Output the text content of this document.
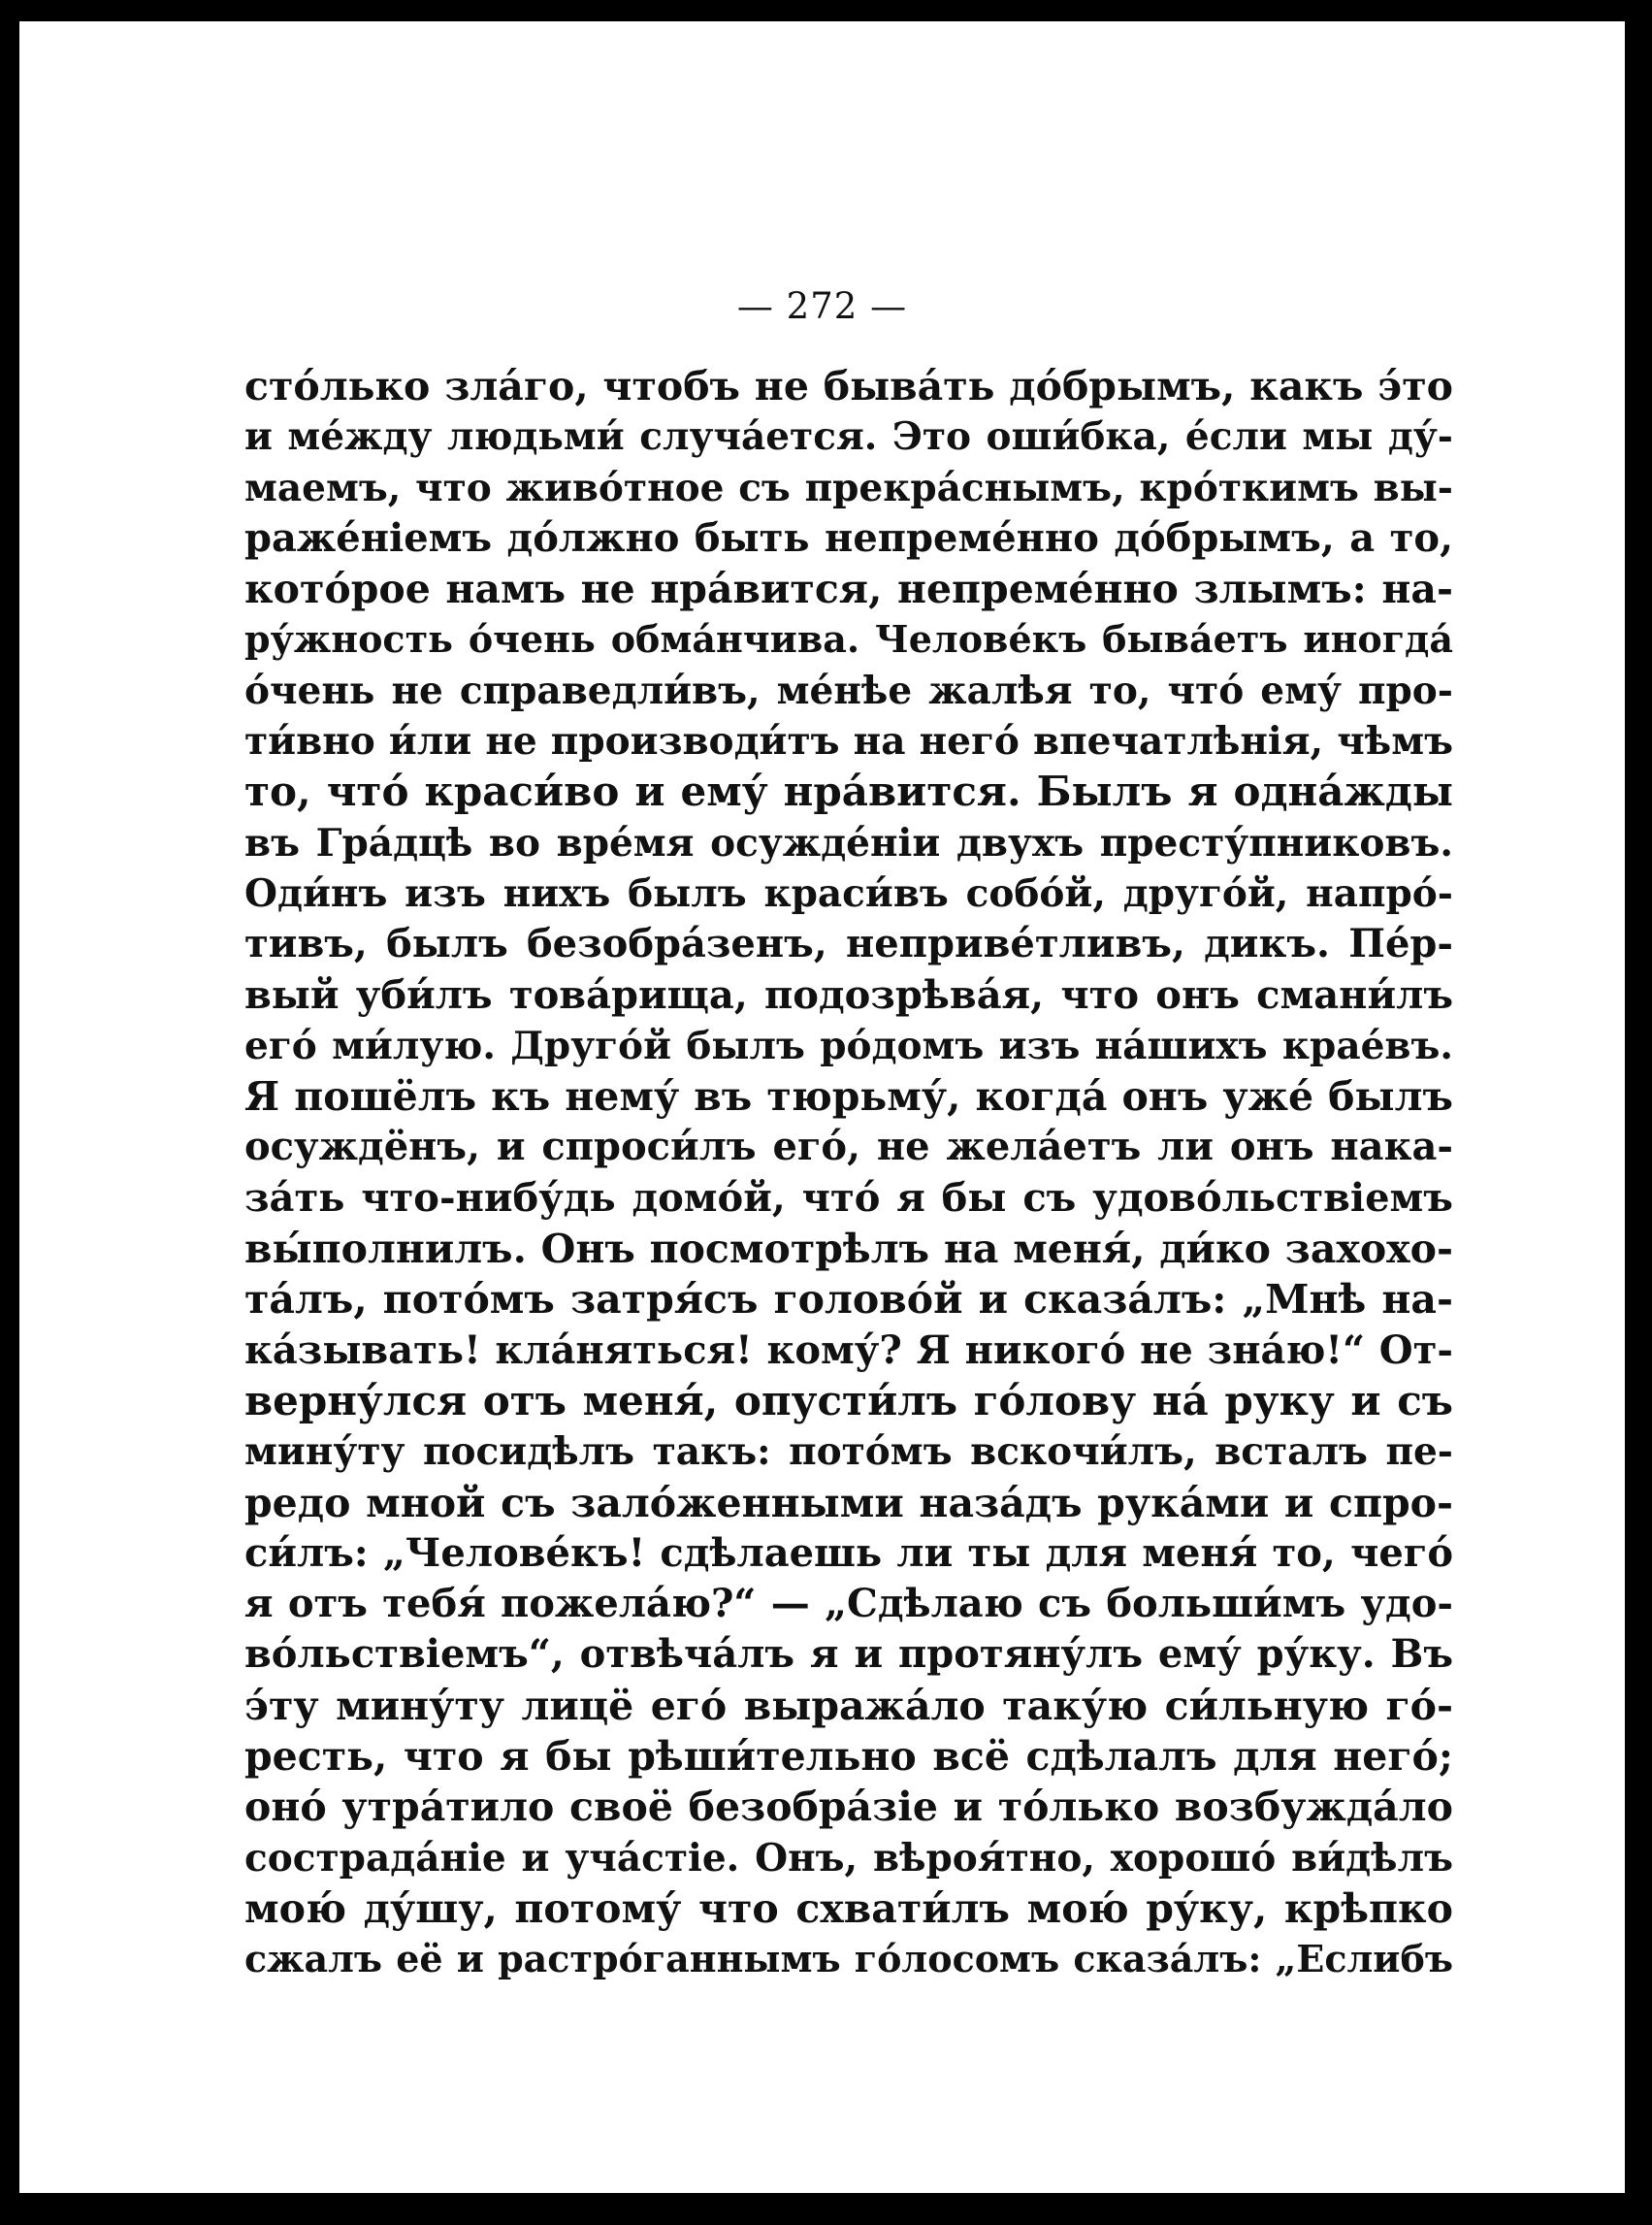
— 272 —
сто́лько зла́го, чтобъ не быва́ть до́брымъ, какъ э́то
и ме́жду людьми́ случа́ется. Это оши́бка, е́сли мы ду́-
маемъ, что живо́тное съ прекра́снымъ, кро́ткимъ вы-
раже́ніемъ до́лжно быть непреме́нно до́брымъ, а то,
кото́рое намъ не нра́вится, непреме́нно злымъ: на-
ру́жность о́чень обма́нчива. Челове́къ быва́етъ иногда́
о́чень не справедли́въ, ме́нѣе жалѣя то, что́ ему́ про-
ти́вно и́ли не производи́тъ на него́ впечатлѣнія, чѣмъ
то, что́ краси́во и ему́ нра́вится. Былъ я одна́жды
въ Гра́дцѣ во вре́мя осужде́нiи двухъ престу́пниковъ.
Оди́нъ изъ нихъ былъ краси́въ собо́й, друго́й, напро́-
тивъ, былъ безобра́зенъ, неприве́тливъ, дикъ. Пе́р-
вый уби́лъ това́рища, подозрѣва́я, что онъ смани́лъ
его́ ми́лую. Друго́й былъ ро́домъ изъ на́шихъ крае́въ.
Я пошёлъ къ нему́ въ тюрьму́, когда́ онъ уже́ былъ
осуждёнъ, и спроси́лъ его́, не жела́етъ ли онъ нака-
за́ть что-нибу́дь домо́й, что́ я бы съ удово́льствіемъ
вы́полнилъ. Онъ посмотрѣлъ на меня́, ди́ко захохо-
та́лъ, пото́мъ затря́съ голово́й и сказа́лъ: „Мнѣ на-
ка́зывать! кла́няться! кому́? Я никого́ не зна́ю!“ От-
верну́лся отъ меня́, опусти́лъ го́лову на́ руку и съ
мину́ту посидѣлъ такъ: пото́мъ вскочи́лъ, всталъ пе-
редо мной съ зало́женными наза́дъ рука́ми и спро-
си́лъ: „Челове́къ! сдѣлаешь ли ты для меня́ то, чего́
я отъ тебя́ пожела́ю?“ — „Сдѣлаю съ больши́мъ удо-
во́льствіемъ“, отвѣча́лъ я и протяну́лъ ему́ ру́ку. Въ
э́ту мину́ту лицё его́ выража́ло таку́ю си́льную го́-
ресть, что я бы рѣши́тельно всё сдѣлалъ для него́;
оно́ утра́тило своё безобра́зіе и то́лько возбужда́ло
сострада́ніе и уча́стіе. Онъ, вѣроя́тно, хорошо́ ви́дѣлъ
мою́ ду́шу, потому́ что схвати́лъ мою́ ру́ку, крѣпко
сжалъ её и растро́ганнымъ го́лосомъ сказа́лъ: „Еслибъ
